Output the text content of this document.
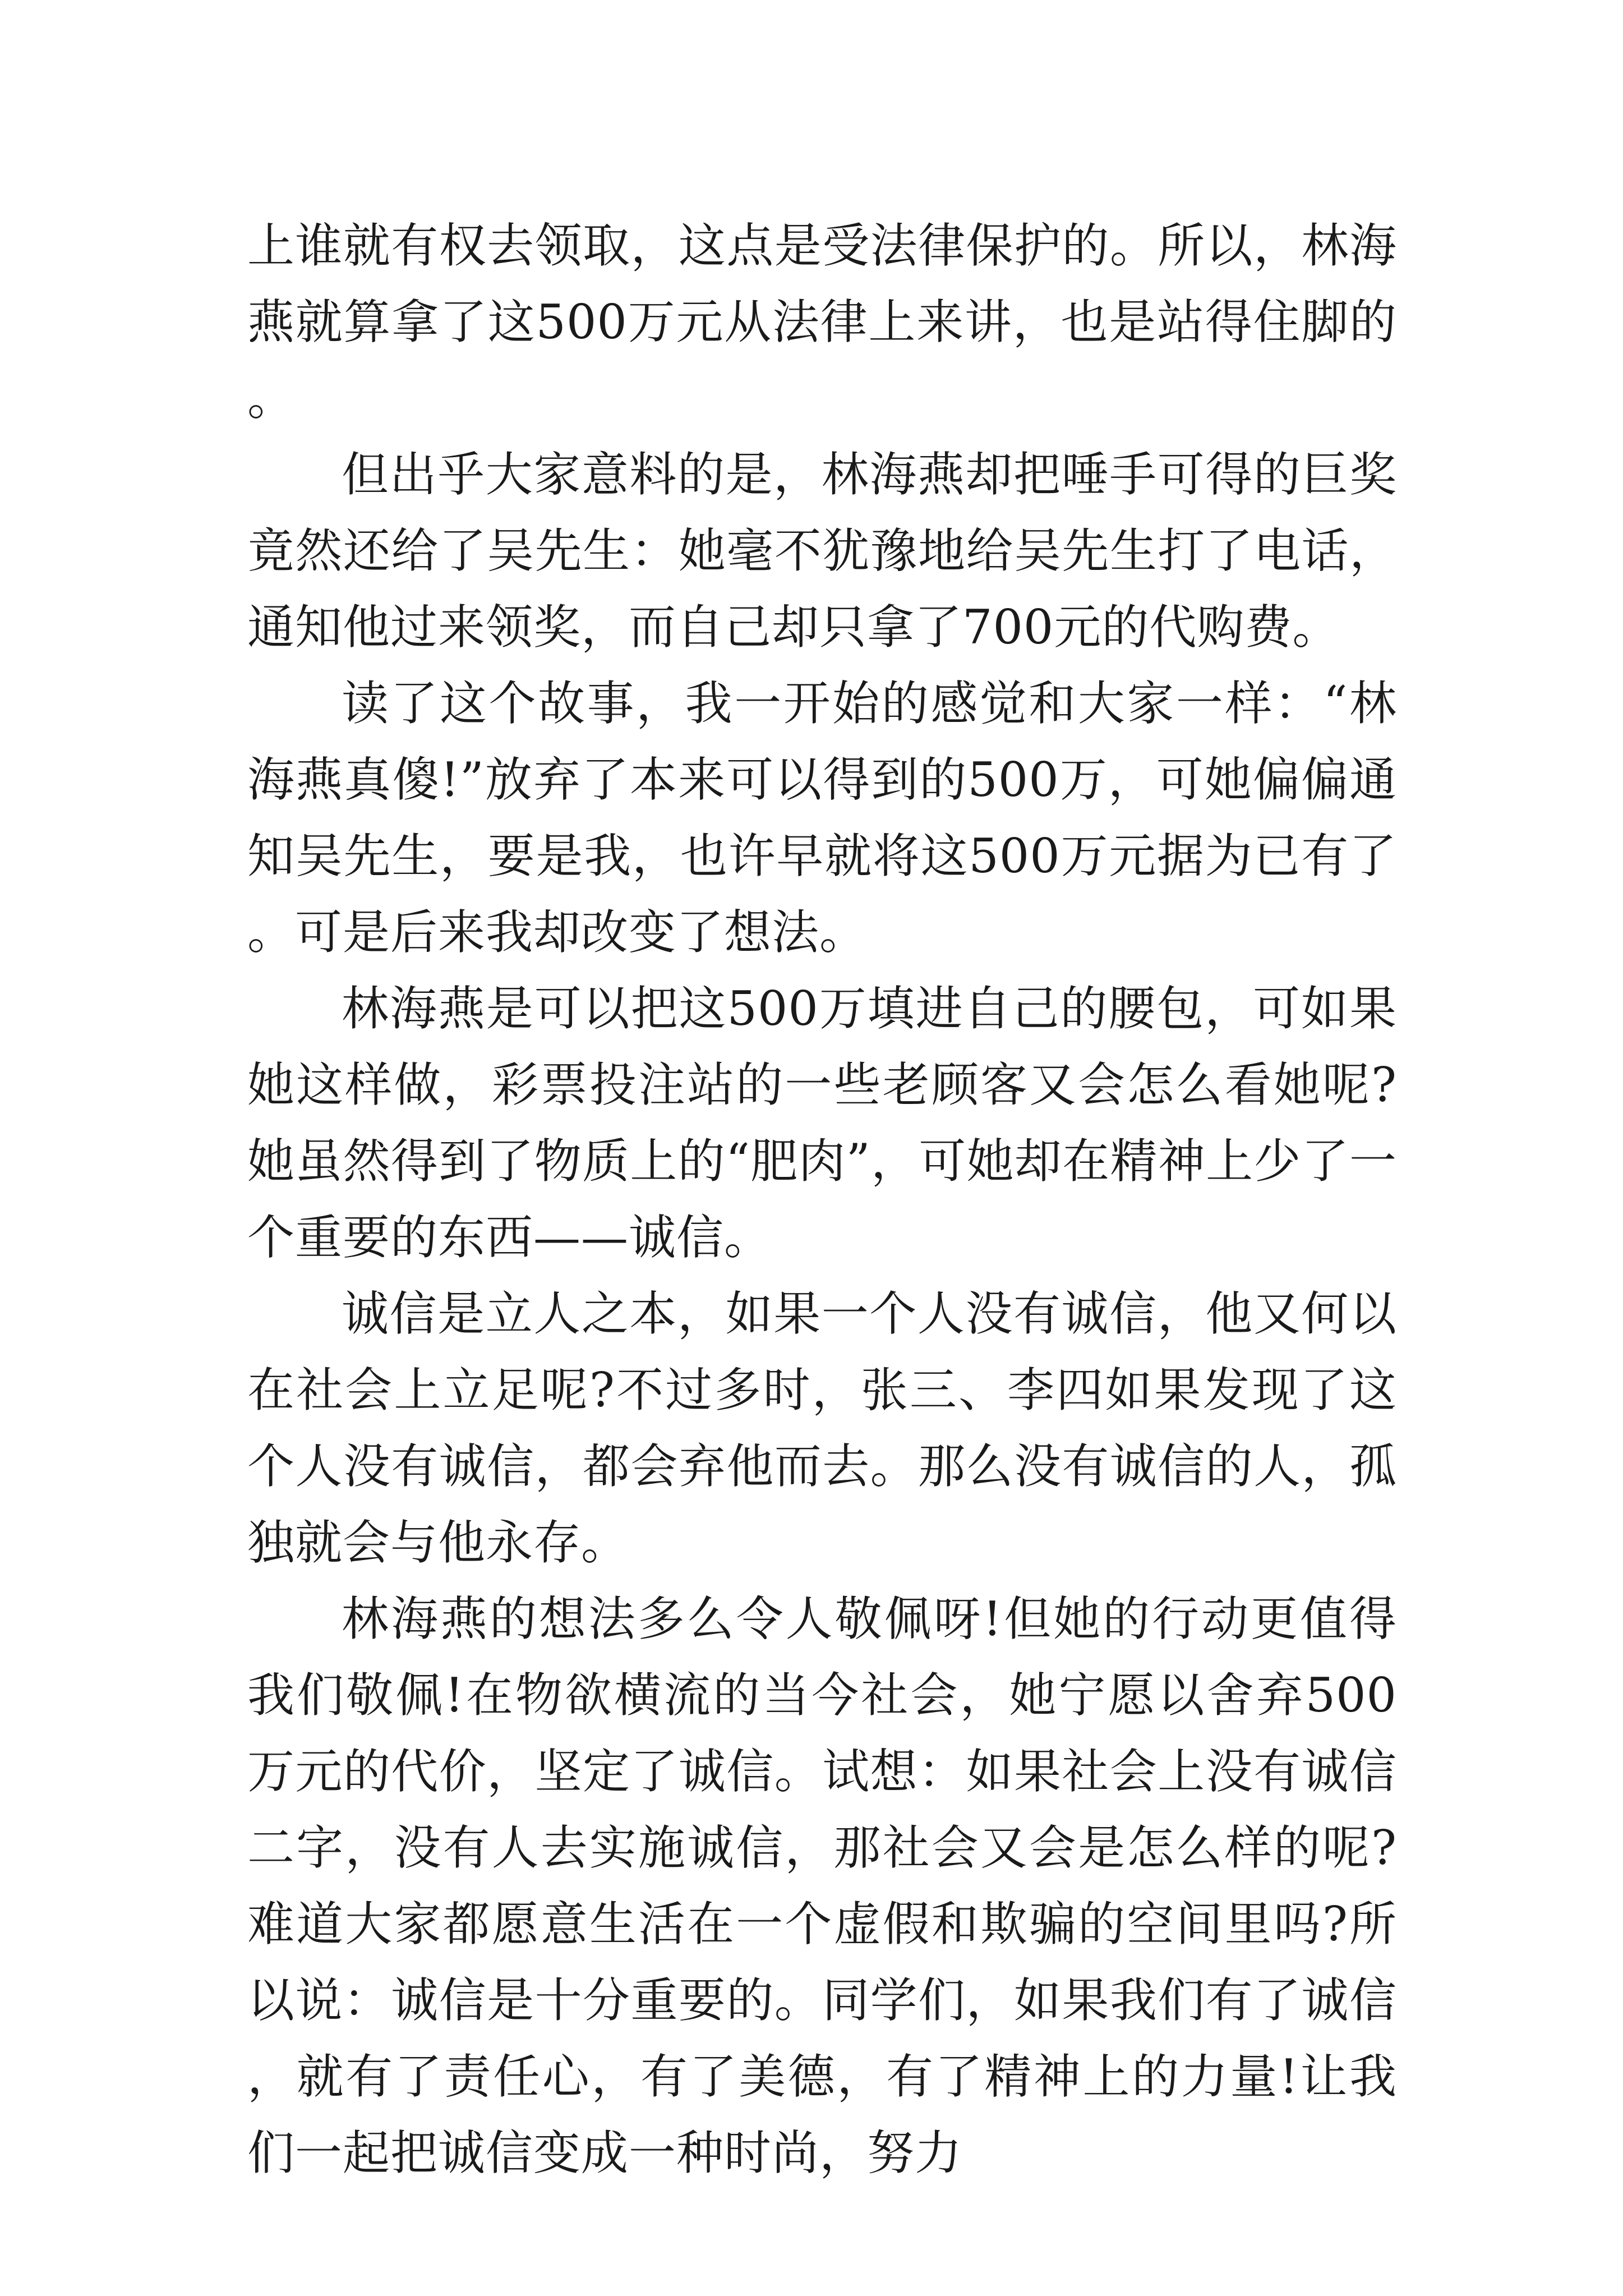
上谁就有权去领取，这点是受法律保护的。所以，林海燕就算拿了这500万元从法律上来讲，也是站得住脚的。

但出乎大家意料的是，林海燕却把唾手可得的巨奖竟然还给了吴先生：她毫不犹豫地给吴先生打了电话，通知他过来领奖，而自己却只拿了700元的代购费。

读了这个故事，我一开始的感觉和大家一样：“林海燕真傻!”放弃了本来可以得到的500万，可她偏偏通知吴先生，要是我，也许早就将这500万元据为已有了。可是后来我却改变了想法。

林海燕是可以把这500万填进自己的腰包，可如果她这样做，彩票投注站的一些老顾客又会怎么看她呢?她虽然得到了物质上的“肥肉”，可她却在精神上少了一个重要的东西——诚信。

诚信是立人之本，如果一个人没有诚信，他又何以在社会上立足呢?不过多时，张三、李四如果发现了这个人没有诚信，都会弃他而去。那么没有诚信的人，孤独就会与他永存。

林海燕的想法多么令人敬佩呀!但她的行动更值得我们敬佩!在物欲横流的当今社会，她宁愿以舍弃500万元的代价，坚定了诚信。试想：如果社会上没有诚信二字，没有人去实施诚信，那社会又会是怎么样的呢?难道大家都愿意生活在一个虚假和欺骗的空间里吗?所以说：诚信是十分重要的。同学们，如果我们有了诚信，就有了责任心，有了美德，有了精神上的力量!让我们一起把诚信变成一种时尚，努力
